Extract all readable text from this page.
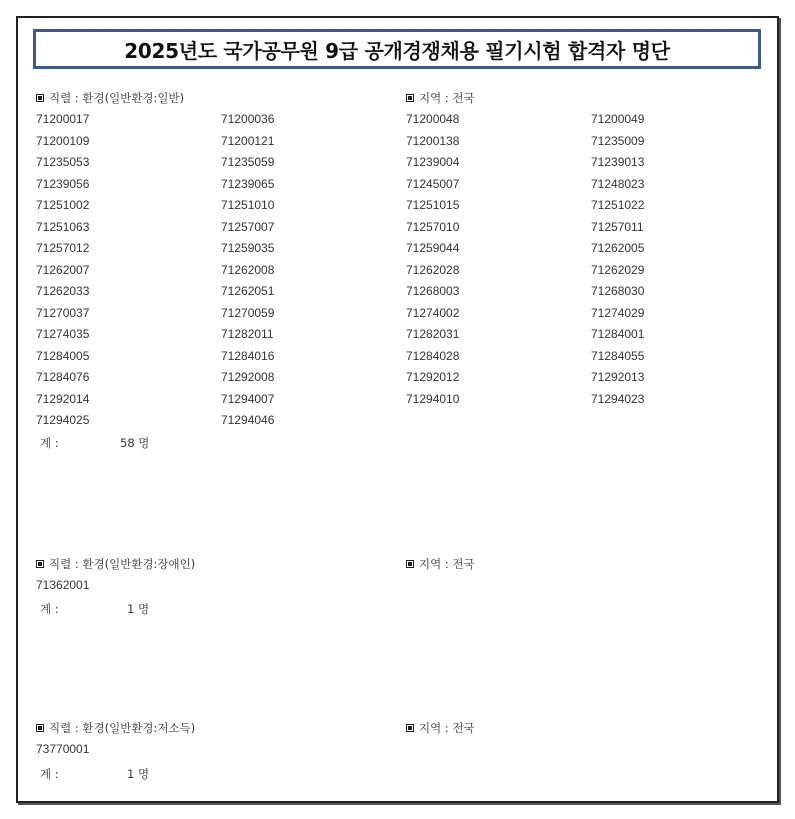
2025년도 국가공무원 9급 공개경쟁채용 필기시험 합격자 명단
직렬 : 환경(일반환경:일반)	지역 : 전국
71200017	71200036	71200048	71200049
71200109	71200121	71200138	71235009
71235053	71235059	71239004	71239013
71239056	71239065	71245007	71248023
71251002	71251010	71251015	71251022
71251063	71257007	71257010	71257011
71257012	71259035	71259044	71262005
71262007	71262008	71262028	71262029
71262033	71262051	71268003	71268030
71270037	71270059	71274002	71274029
71274035	71282011	71282031	71284001
71284005	71284016	71284028	71284055
71284076	71292008	71292012	71292013
71292014	71294007	71294010	71294023
71294025	71294046
계 :	58 명
직렬 : 환경(일반환경:장애인)	지역 : 전국
71362001
계 :	1 명
직렬 : 환경(일반환경:저소득)	지역 : 전국
73770001
계 :	1 명
